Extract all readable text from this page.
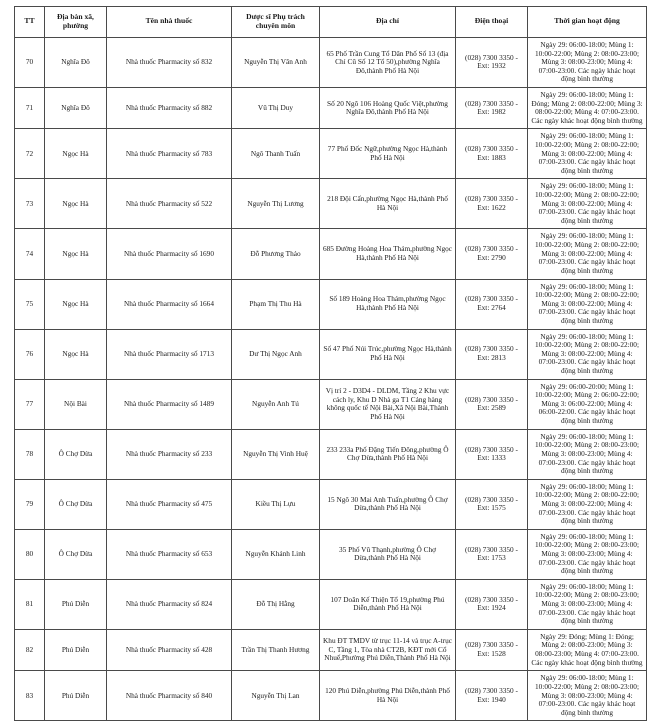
TT	Địa bàn xã, phường	Tên nhà thuốc	Dược sĩ Phụ trách chuyên môn	Địa chỉ	Điện thoại	Thời gian hoạt động
70	Nghĩa Đô	Nhà thuốc Pharmacity số 832	Nguyễn Thị Vân Anh	65 Phố Trần Cung Tổ Dân Phố Số 13 (địa Chỉ Cũ Số 12 Tổ 50),phường Nghĩa Đô,thành Phố Hà Nội	(028) 7300 3350 - Ext: 1932	Ngày 29: 06:00-18:00; Mùng 1: 10:00-22:00; Mùng 2: 08:00-23:00; Mùng 3: 08:00-23:00; Mùng 4: 07:00-23:00. Các ngày khác hoạt động bình thường
71	Nghĩa Đô	Nhà thuốc Pharmacity số 882	Vũ Thị Duy	Số 20 Ngõ 106 Hoàng Quốc Việt,phường Nghĩa Đô,thành Phố Hà Nội	(028) 7300 3350 - Ext: 1982	Ngày 29: 06:00-18:00; Mùng 1: Đóng; Mùng 2: 08:00-22:00; Mùng 3: 08:00-22:00; Mùng 4: 07:00-23:00. Các ngày khác hoạt động bình thường
72	Ngọc Hà	Nhà thuốc Pharmacity số 783	Ngô Thanh Tuấn	77 Phố Đốc Ngữ,phường Ngọc Hà,thành Phố Hà Nội	(028) 7300 3350 - Ext: 1883	Ngày 29: 06:00-18:00; Mùng 1: 10:00-22:00; Mùng 2: 08:00-22:00; Mùng 3: 08:00-22:00; Mùng 4: 07:00-23:00. Các ngày khác hoạt động bình thường
73	Ngọc Hà	Nhà thuốc Pharmacity số 522	Nguyễn Thị Lương	218 Đội Cấn,phường Ngọc Hà,thành Phố Hà Nội	(028) 7300 3350 - Ext: 1622	Ngày 29: 06:00-18:00; Mùng 1: 10:00-22:00; Mùng 2: 08:00-22:00; Mùng 3: 08:00-22:00; Mùng 4: 07:00-23:00. Các ngày khác hoạt động bình thường
74	Ngọc Hà	Nhà thuốc Pharmacity số 1690	Đỗ Phương Thảo	685 Đường Hoàng Hoa Thám,phường Ngọc Hà,thành Phố Hà Nội	(028) 7300 3350 - Ext: 2790	Ngày 29: 06:00-18:00; Mùng 1: 10:00-22:00; Mùng 2: 08:00-22:00; Mùng 3: 08:00-22:00; Mùng 4: 07:00-23:00. Các ngày khác hoạt động bình thường
75	Ngọc Hà	Nhà thuốc Pharmacity số 1664	Phạm Thị Thu Hà	Số 189 Hoàng Hoa Thám,phường Ngọc Hà,thành Phố Hà Nội	(028) 7300 3350 - Ext: 2764	Ngày 29: 06:00-18:00; Mùng 1: 10:00-22:00; Mùng 2: 08:00-22:00; Mùng 3: 08:00-22:00; Mùng 4: 07:00-23:00. Các ngày khác hoạt động bình thường
76	Ngọc Hà	Nhà thuốc Pharmacity số 1713	Dư Thị Ngọc Anh	Số 47 Phố Núi Trúc,phường Ngọc Hà,thành Phố Hà Nội	(028) 7300 3350 - Ext: 2813	Ngày 29: 06:00-18:00; Mùng 1: 10:00-22:00; Mùng 2: 08:00-22:00; Mùng 3: 08:00-22:00; Mùng 4: 07:00-23:00. Các ngày khác hoạt động bình thường
77	Nội Bài	Nhà thuốc Pharmacity số 1489	Nguyễn Anh Tú	Vị trí 2 - D3D4 - DLDM, Tầng 2 Khu vực cách ly, Khu D Nhà ga T1 Cảng hàng không quốc tế Nội Bài,Xã Nội Bài,Thành Phố Hà Nội	(028) 7300 3350 - Ext: 2589	Ngày 29: 06:00-20:00; Mùng 1: 10:00-22:00; Mùng 2: 06:00-22:00; Mùng 3: 06:00-22:00; Mùng 4: 06:00-22:00. Các ngày khác hoạt động bình thường
78	Ô Chợ Dừa	Nhà thuốc Pharmacity số 233	Nguyễn Thị Vinh Huệ	233 233a Phố Đặng Tiến Đông,phường Ô Chợ Dừa,thành Phố Hà Nội	(028) 7300 3350 - Ext: 1333	Ngày 29: 06:00-18:00; Mùng 1: 10:00-22:00; Mùng 2: 08:00-23:00; Mùng 3: 08:00-23:00; Mùng 4: 07:00-23:00. Các ngày khác hoạt động bình thường
79	Ô Chợ Dừa	Nhà thuốc Pharmacity số 475	Kiều Thị Lựu	15 Ngõ 30 Mai Anh Tuấn,phường Ô Chợ Dừa,thành Phố Hà Nội	(028) 7300 3350 - Ext: 1575	Ngày 29: 06:00-18:00; Mùng 1: 10:00-22:00; Mùng 2: 08:00-22:00; Mùng 3: 08:00-22:00; Mùng 4: 07:00-23:00. Các ngày khác hoạt động bình thường
80	Ô Chợ Dừa	Nhà thuốc Pharmacity số 653	Nguyễn Khánh Linh	35 Phố Vũ Thạnh,phường Ô Chợ Dừa,thành Phố Hà Nội	(028) 7300 3350 - Ext: 1753	Ngày 29: 06:00-18:00; Mùng 1: 10:00-22:00; Mùng 2: 08:00-23:00; Mùng 3: 08:00-23:00; Mùng 4: 07:00-23:00. Các ngày khác hoạt động bình thường
81	Phú Diễn	Nhà thuốc Pharmacity số 824	Đỗ Thị Hằng	107 Doãn Kế Thiện Tổ 19,phường Phú Diễn,thành Phố Hà Nội	(028) 7300 3350 - Ext: 1924	Ngày 29: 06:00-18:00; Mùng 1: 10:00-22:00; Mùng 2: 08:00-23:00; Mùng 3: 08:00-23:00; Mùng 4: 07:00-23:00. Các ngày khác hoạt động bình thường
82	Phú Diễn	Nhà thuốc Pharmacity số 428	Trần Thị Thanh Hương	Khu ĐT TMDV từ trục 11-14 và trục A-trục C, Tầng 1, Tòa nhà CT2B, KĐT mới Cổ Nhuế,Phường Phú Diễn,Thành Phố Hà Nội	(028) 7300 3350 - Ext: 1528	Ngày 29: Đóng; Mùng 1: Đóng; Mùng 2: 08:00-23:00; Mùng 3: 08:00-23:00; Mùng 4: 07:00-23:00. Các ngày khác hoạt động bình thường
83	Phú Diễn	Nhà thuốc Pharmacity số 840	Nguyễn Thị Lan	120 Phú Diễn,phường Phú Diễn,thành Phố Hà Nội	(028) 7300 3350 - Ext: 1940	Ngày 29: 06:00-18:00; Mùng 1: 10:00-22:00; Mùng 2: 08:00-23:00; Mùng 3: 08:00-23:00; Mùng 4: 07:00-23:00. Các ngày khác hoạt động bình thường
